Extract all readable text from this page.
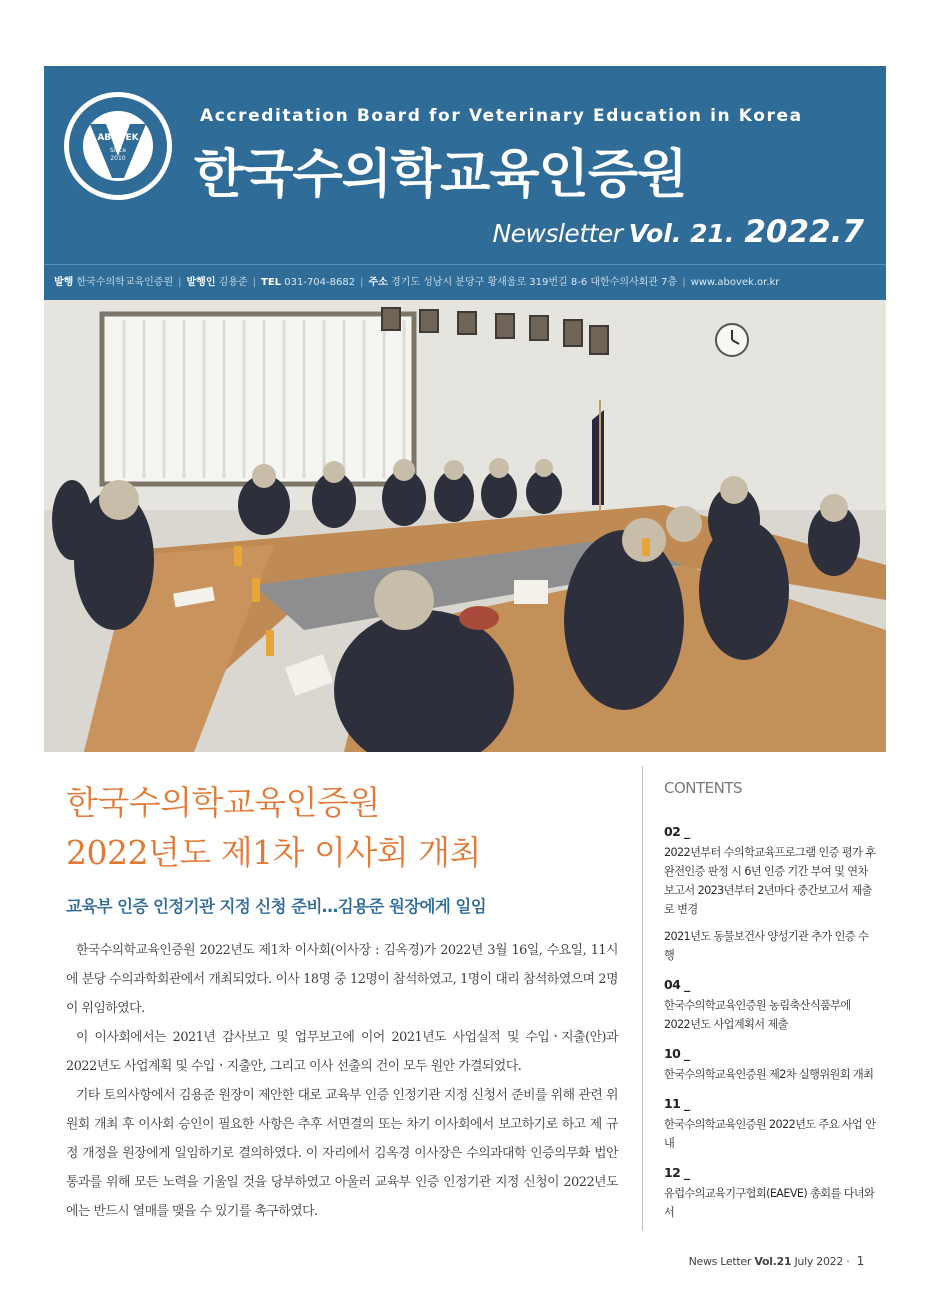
ABOVEK
Since
2010
Accreditation Board for Veterinary Education in Korea
한국수의학교육인증원
Newsletter Vol. 21. 2022.7
발행 한국수의학교육인증원 | 발행인 김용준 | TEL 031-704-8682 | 주소 경기도 성남시 분당구 황새울로 319번길 8-6 대한수의사회관 7층 | www.abovek.or.kr
한국수의학교육인증원
2022년도 제1차 이사회 개최
교육부 인증 인정기관 지정 신청 준비…김용준 원장에게 일임

한국수의학교육인증원 2022년도 제1차 이사회(이사장 : 김옥경)가 2022년 3월 16일, 수요일, 11시에 분당 수의과학회관에서 개최되었다. 이사 18명 중 12명이 참석하였고, 1명이 대리 참석하였으며 2명이 위임하였다.

이 이사회에서는 2021년 감사보고 및 업무보고에 이어 2021년도 사업실적 및 수입ㆍ지출(안)과 2022년도 사업계획 및 수입ㆍ지출안, 그리고 이사 선출의 건이 모두 원안 가결되었다.

기타 토의사항에서 김용준 원장이 제안한 대로 교육부 인증 인정기관 지정 신청서 준비를 위해 관련 위원회 개최 후 이사회 승인이 필요한 사항은 추후 서면결의 또는 차기 이사회에서 보고하기로 하고 제 규정 개정을 원장에게 일임하기로 결의하였다. 이 자리에서 김옥경 이사장은 수의과대학 인증의무화 법안 통과를 위해 모든 노력을 기울일 것을 당부하였고 아울러 교육부 인증 인정기관 지정 신청이 2022년도에는 반드시 열매를 맺을 수 있기를 촉구하였다.

CONTENTS
02 _
2022년부터 수의학교육프로그램 인증 평가 후 완전인증 판정 시 6년 인증 기간 부여 및 연차보고서 2023년부터 2년마다 중간보고서 제출로 변경
2021년도 동물보건사 양성기관 추가 인증 수행
04 _
한국수의학교육인증원 농림축산식품부에 2022년도 사업계획서 제출
10 _
한국수의학교육인증원 제2차 실행위원회 개최
11 _
한국수의학교육인증원 2022년도 주요 사업 안내
12 _
유럽수의교육기구협회(EAEVE) 총회를 다녀와서
News Letter Vol.21 July 2022 · 1
